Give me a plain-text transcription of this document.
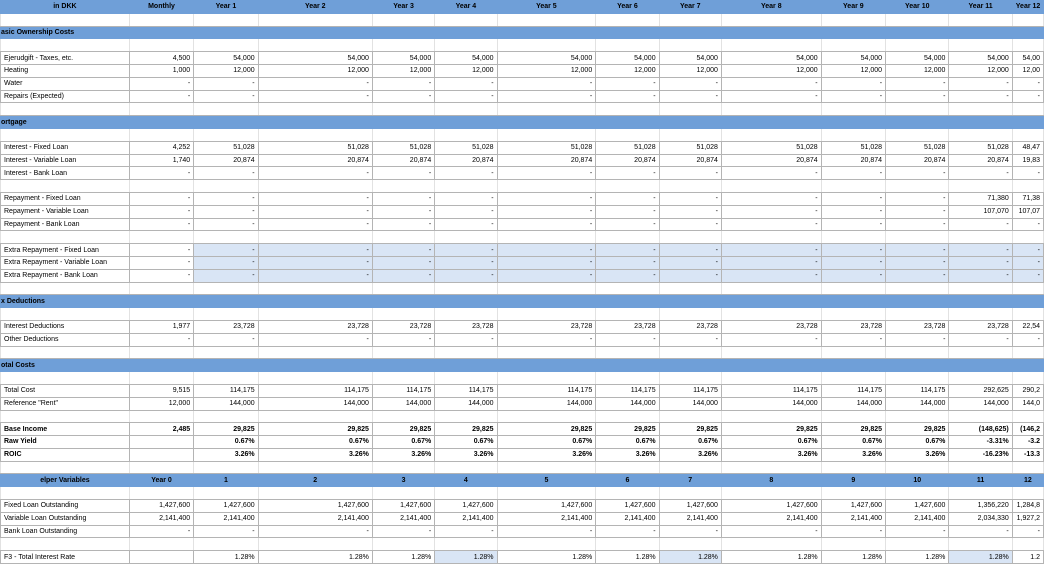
in DKK	Monthly	Year 1	Year 2	Year 3	Year 4	Year 5	Year 6	Year 7	Year 8	Year 9	Year 10	Year 11	Year 12

asic Ownership Costs													

Ejerudgift - Taxes, etc.	4,500	54,000	54,000	54,000	54,000	54,000	54,000	54,000	54,000	54,000	54,000	54,000	54,00
Heating	1,000	12,000	12,000	12,000	12,000	12,000	12,000	12,000	12,000	12,000	12,000	12,000	12,00
Water	-	-	-	-	-	-	-	-	-	-	-	-	-
Repairs (Expected)	-	-	-	-	-	-	-	-	-	-	-	-	-

ortgage													

Interest - Fixed Loan	4,252	51,028	51,028	51,028	51,028	51,028	51,028	51,028	51,028	51,028	51,028	51,028	48,47
Interest - Variable Loan	1,740	20,874	20,874	20,874	20,874	20,874	20,874	20,874	20,874	20,874	20,874	20,874	19,83
Interest - Bank Loan	-	-	-	-	-	-	-	-	-	-	-	-	-

Repayment - Fixed Loan	-	-	-	-	-	-	-	-	-	-	-	71,380	71,38
Repayment - Variable Loan	-	-	-	-	-	-	-	-	-	-	-	107,070	107,07
Repayment - Bank Loan	-	-	-	-	-	-	-	-	-	-	-	-	-

Extra Repayment - Fixed Loan	-	-	-	-	-	-	-	-	-	-	-	-	-
Extra Repayment - Variable Loan	-	-	-	-	-	-	-	-	-	-	-	-	-
Extra Repayment - Bank Loan	-	-	-	-	-	-	-	-	-	-	-	-	-

x Deductions													

Interest Deductions	1,977	23,728	23,728	23,728	23,728	23,728	23,728	23,728	23,728	23,728	23,728	23,728	22,54
Other Deductions	-	-	-	-	-	-	-	-	-	-	-	-	-

otal Costs													

Total Cost	9,515	114,175	114,175	114,175	114,175	114,175	114,175	114,175	114,175	114,175	114,175	292,625	290,2
Reference "Rent"	12,000	144,000	144,000	144,000	144,000	144,000	144,000	144,000	144,000	144,000	144,000	144,000	144,0

Base Income	2,485	29,825	29,825	29,825	29,825	29,825	29,825	29,825	29,825	29,825	29,825	(148,625)	(146,2
Raw Yield		0.67%	0.67%	0.67%	0.67%	0.67%	0.67%	0.67%	0.67%	0.67%	0.67%	-3.31%	-3.2
ROIC		3.26%	3.26%	3.26%	3.26%	3.26%	3.26%	3.26%	3.26%	3.26%	3.26%	-16.23%	-13.3

elper Variables	Year 0	1	2	3	4	5	6	7	8	9	10	11	12

Fixed Loan Outstanding	1,427,600	1,427,600	1,427,600	1,427,600	1,427,600	1,427,600	1,427,600	1,427,600	1,427,600	1,427,600	1,427,600	1,356,220	1,284,8
Variable Loan Outstanding	2,141,400	2,141,400	2,141,400	2,141,400	2,141,400	2,141,400	2,141,400	2,141,400	2,141,400	2,141,400	2,141,400	2,034,330	1,927,2
Bank Loan Outstanding	-	-	-	-	-	-	-	-	-	-	-	-	-

F3 - Total Interest Rate		1.28%	1.28%	1.28%	1.28%	1.28%	1.28%	1.28%	1.28%	1.28%	1.28%	1.28%	1.2
